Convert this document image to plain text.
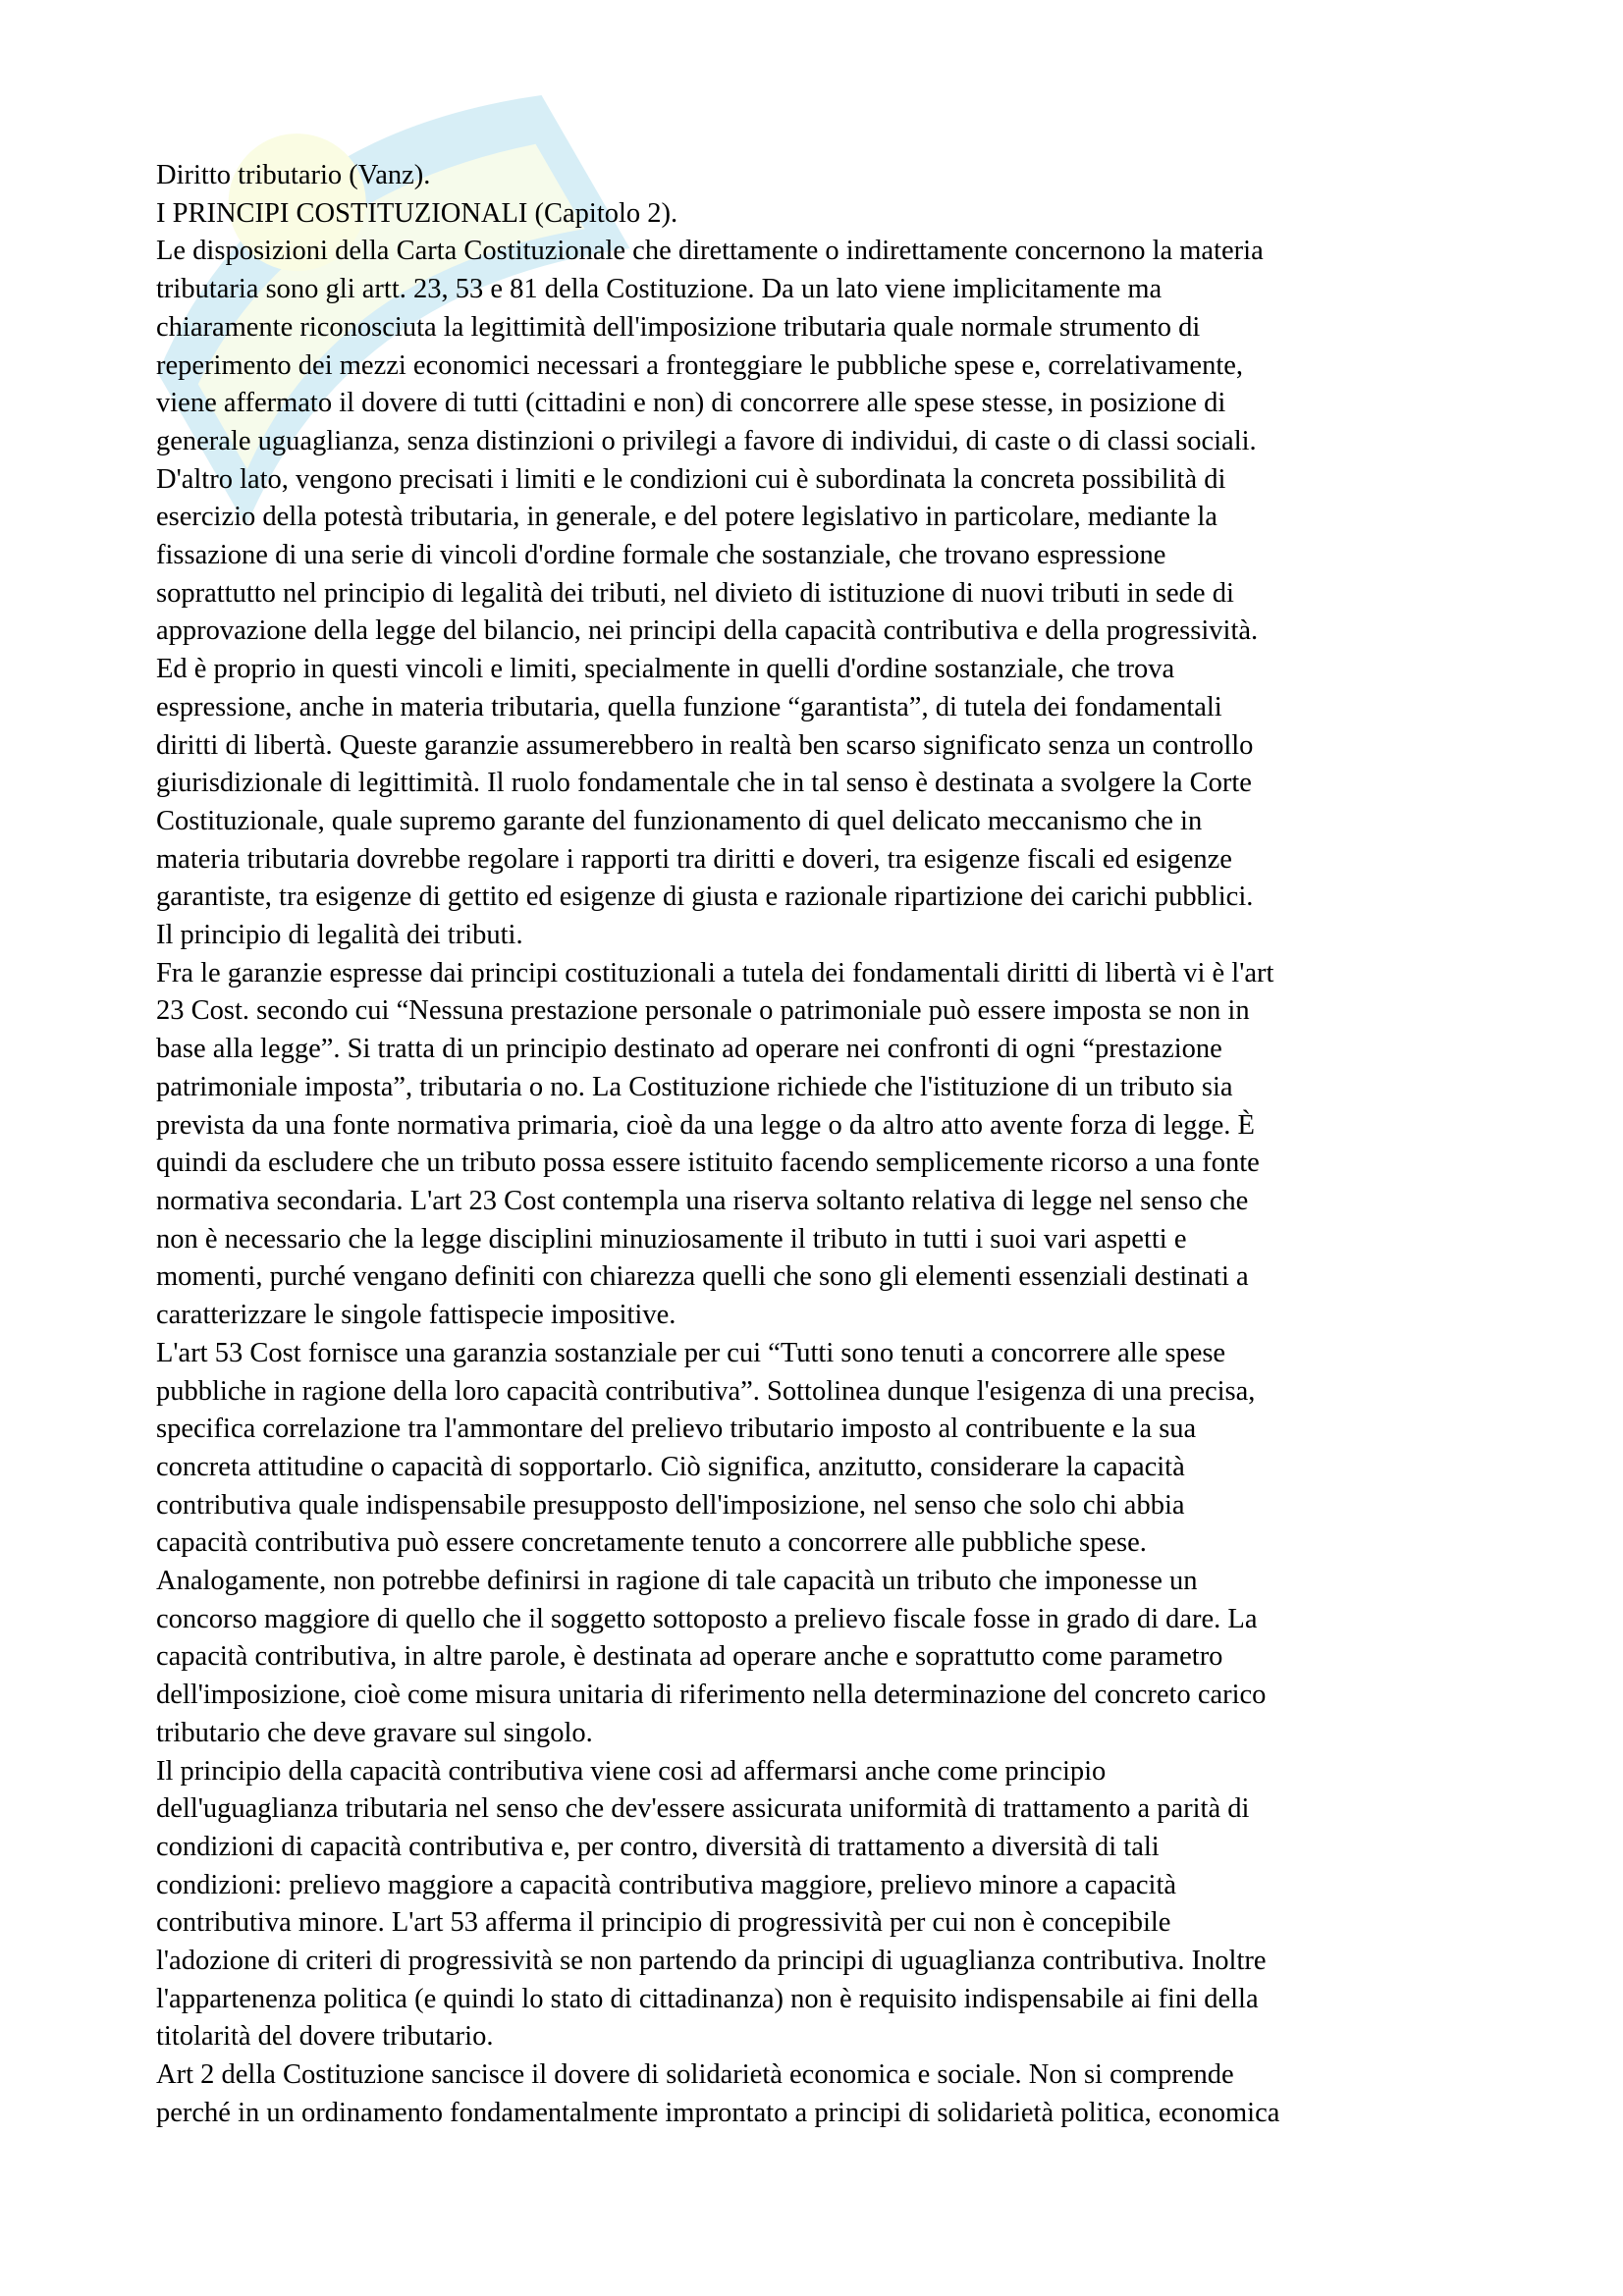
Diritto tributario (Vanz).
I PRINCIPI COSTITUZIONALI (Capitolo 2).
Le disposizioni della Carta Costituzionale che direttamente o indirettamente concernono la materia
tributaria sono gli artt. 23, 53 e 81 della Costituzione. Da un lato viene implicitamente ma
chiaramente riconosciuta la legittimità dell'imposizione tributaria quale normale strumento di
reperimento dei mezzi economici necessari a fronteggiare le pubbliche spese e, correlativamente,
viene affermato il dovere di tutti (cittadini e non) di concorrere alle spese stesse, in posizione di
generale uguaglianza, senza distinzioni o privilegi a favore di individui, di caste o di classi sociali.
D'altro lato, vengono precisati i limiti e le condizioni cui è subordinata la concreta possibilità di
esercizio della potestà tributaria, in generale, e del potere legislativo in particolare, mediante la
fissazione di una serie di vincoli d'ordine formale che sostanziale, che trovano espressione
soprattutto nel principio di legalità dei tributi, nel divieto di istituzione di nuovi tributi in sede di
approvazione della legge del bilancio, nei principi della capacità contributiva e della progressività.
Ed è proprio in questi vincoli e limiti, specialmente in quelli d'ordine sostanziale, che trova
espressione, anche in materia tributaria, quella funzione “garantista”, di tutela dei fondamentali
diritti di libertà. Queste garanzie assumerebbero in realtà ben scarso significato senza un controllo
giurisdizionale di legittimità. Il ruolo fondamentale che in tal senso è destinata a svolgere la Corte
Costituzionale, quale supremo garante del funzionamento di quel delicato meccanismo che in
materia tributaria dovrebbe regolare i rapporti tra diritti e doveri, tra esigenze fiscali ed esigenze
garantiste, tra esigenze di gettito ed esigenze di giusta e razionale ripartizione dei carichi pubblici.
Il principio di legalità dei tributi.
Fra le garanzie espresse dai principi costituzionali a tutela dei fondamentali diritti di libertà vi è l'art
23 Cost. secondo cui “Nessuna prestazione personale o patrimoniale può essere imposta se non in
base alla legge”. Si tratta di un principio destinato ad operare nei confronti di ogni “prestazione
patrimoniale imposta”, tributaria o no. La Costituzione richiede che l'istituzione di un tributo sia
prevista da una fonte normativa primaria, cioè da una legge o da altro atto avente forza di legge. È
quindi da escludere che un tributo possa essere istituito facendo semplicemente ricorso a una fonte
normativa secondaria. L'art 23 Cost contempla una riserva soltanto relativa di legge nel senso che
non è necessario che la legge disciplini minuziosamente il tributo in tutti i suoi vari aspetti e
momenti, purché vengano definiti con chiarezza quelli che sono gli elementi essenziali destinati a
caratterizzare le singole fattispecie impositive.
L'art 53 Cost fornisce una garanzia sostanziale per cui “Tutti sono tenuti a concorrere alle spese
pubbliche in ragione della loro capacità contributiva”. Sottolinea dunque l'esigenza di una precisa,
specifica correlazione tra l'ammontare del prelievo tributario imposto al contribuente e la sua
concreta attitudine o capacità di sopportarlo. Ciò significa, anzitutto, considerare la capacità
contributiva quale indispensabile presupposto dell'imposizione, nel senso che solo chi abbia
capacità contributiva può essere concretamente tenuto a concorrere alle pubbliche spese.
Analogamente, non potrebbe definirsi in ragione di tale capacità un tributo che imponesse un
concorso maggiore di quello che il soggetto sottoposto a prelievo fiscale fosse in grado di dare. La
capacità contributiva, in altre parole, è destinata ad operare anche e soprattutto come parametro
dell'imposizione, cioè come misura unitaria di riferimento nella determinazione del concreto carico
tributario che deve gravare sul singolo.
Il principio della capacità contributiva viene cosi ad affermarsi anche come principio
dell'uguaglianza tributaria nel senso che dev'essere assicurata uniformità di trattamento a parità di
condizioni di capacità contributiva e, per contro, diversità di trattamento a diversità di tali
condizioni: prelievo maggiore a capacità contributiva maggiore, prelievo minore a capacità
contributiva minore. L'art 53 afferma il principio di progressività per cui non è concepibile
l'adozione di criteri di progressività se non partendo da principi di uguaglianza contributiva. Inoltre
l'appartenenza politica (e quindi lo stato di cittadinanza) non è requisito indispensabile ai fini della
titolarità del dovere tributario.
Art 2 della Costituzione sancisce il dovere di solidarietà economica e sociale. Non si comprende
perché in un ordinamento fondamentalmente improntato a principi di solidarietà politica, economica
